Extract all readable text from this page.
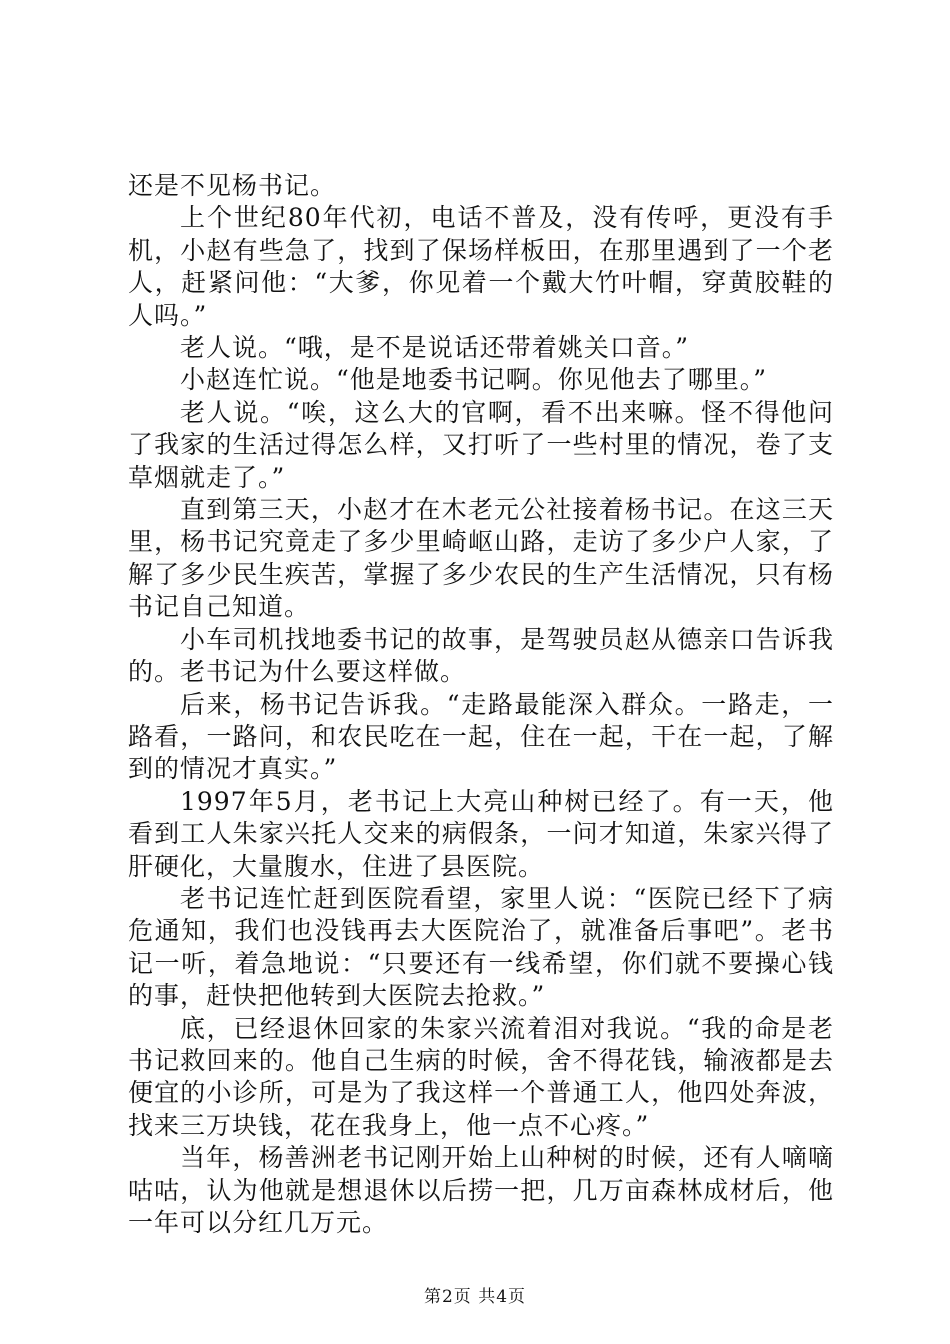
还是不见杨书记。

上个世纪80年代初，电话不普及，没有传呼，更没有手机，小赵有些急了，找到了保场样板田，在那里遇到了一个老人，赶紧问他：“大爹，你见着一个戴大竹叶帽，穿黄胶鞋的人吗。”

老人说。“哦，是不是说话还带着姚关口音。”

小赵连忙说。“他是地委书记啊。你见他去了哪里。”

老人说。“唉，这么大的官啊，看不出来嘛。怪不得他问了我家的生活过得怎么样，又打听了一些村里的情况，卷了支草烟就走了。”

直到第三天，小赵才在木老元公社接着杨书记。在这三天里，杨书记究竟走了多少里崎岖山路，走访了多少户人家，了解了多少民生疾苦，掌握了多少农民的生产生活情况，只有杨书记自己知道。

小车司机找地委书记的故事，是驾驶员赵从德亲口告诉我的。老书记为什么要这样做。

后来，杨书记告诉我。“走路最能深入群众。一路走，一路看，一路问，和农民吃在一起，住在一起，干在一起，了解到的情况才真实。”

1997年5月，老书记上大亮山种树已经了。有一天，他看到工人朱家兴托人交来的病假条，一问才知道，朱家兴得了肝硬化，大量腹水，住进了县医院。

老书记连忙赶到医院看望，家里人说：“医院已经下了病危通知，我们也没钱再去大医院治了，就准备后事吧”。老书记一听，着急地说：“只要还有一线希望，你们就不要操心钱的事，赶快把他转到大医院去抢救。”

底，已经退休回家的朱家兴流着泪对我说。“我的命是老书记救回来的。他自己生病的时候，舍不得花钱，输液都是去便宜的小诊所，可是为了我这样一个普通工人，他四处奔波，找来三万块钱，花在我身上，他一点不心疼。”

当年，杨善洲老书记刚开始上山种树的时候，还有人嘀嘀咕咕，认为他就是想退休以后捞一把，几万亩森林成材后，他一年可以分红几万元。

第2页 共4页
